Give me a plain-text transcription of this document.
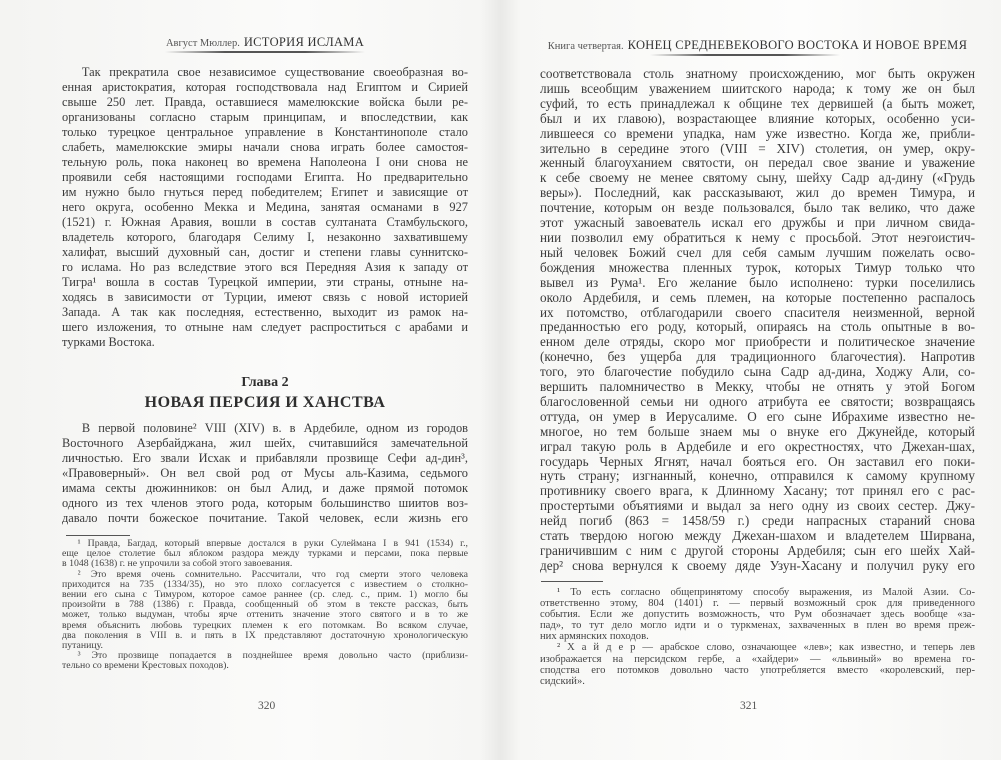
Август Мюллер. ИСТОРИЯ ИСЛАМА
Так прекратила свое независимое существование своеобразная во-
енная аристократия, которая господствовала над Египтом и Сирией
свыше 250 лет. Правда, оставшиеся мамелюкские войска были ре-
организованы согласно старым принципам, и впоследствии, как
только турецкое центральное управление в Константинополе стало
слабеть, мамелюкские эмиры начали снова играть более самостоя-
тельную роль, пока наконец во времена Наполеона I они снова не
проявили себя настоящими господами Египта. Но предварительно
им нужно было гнуться перед победителем; Египет и зависящие от
него округа, особенно Мекка и Медина, занятая османами в 927
(1521) г. Южная Аравия, вошли в состав султаната Стамбульского,
владетель которого, благодаря Селиму I, незаконно захватившему
халифат, высший духовный сан, достиг и степени главы суннитско-
го ислама. Но раз вследствие этого вся Передняя Азия к западу от
Тигра¹ вошла в состав Турецкой империи, эти страны, отныне на-
ходясь в зависимости от Турции, имеют связь с новой историей
Запада. А так как последняя, естественно, выходит из рамок на-
шего изложения, то отныне нам следует распроститься с арабами и
турками Востока.
Глава 2
НОВАЯ ПЕРСИЯ И ХАНСТВА
В первой половине² VIII (XIV) в. в Ардебиле, одном из городов
Восточного Азербайджана, жил шейх, считавшийся замечательной
личностью. Его звали Исхак и прибавляли прозвище Сефи ад-дин³,
«Правоверный». Он вел свой род от Мусы аль-Казима, седьмого
имама секты дюжинников: он был Алид, и даже прямой потомок
одного из тех членов этого рода, которым большинство шиитов воз-
давало почти божеское почитание. Такой человек, если жизнь его
¹ Правда, Багдад, который впервые достался в руки Сулеймана I в 941 (1534) г.,
еще целое столетие был яблоком раздора между турками и персами, пока первые
в 1048 (1638) г. не упрочили за собой этого завоевания.
² Это время очень сомнительно. Рассчитали, что год смерти этого человека
приходится на 735 (1334/35), но это плохо согласуется с известием о столкно-
вении его сына с Тимуром, которое самое раннее (ср. след. с., прим. 1) могло бы
произойти в 788 (1386) г. Правда, сообщенный об этом в тексте рассказ, быть
может, только выдуман, чтобы ярче оттенить значение этого святого и в то же
время объяснить любовь турецких племен к его потомкам. Во всяком случае,
два поколения в VIII в. и пять в IX представляют достаточную хронологическую
путаницу.
³ Это прозвище попадается в позднейшее время довольно часто (приблизи-
тельно со времени Крестовых походов).
320
Книга четвертая. КОНЕЦ СРЕДНЕВЕКОВОГО ВОСТОКА И НОВОЕ ВРЕМЯ
соответствовала столь знатному происхождению, мог быть окружен
лишь всеобщим уважением шиитского народа; к тому же он был
суфий, то есть принадлежал к общине тех дервишей (а быть может,
был и их главою), возрастающее влияние которых, особенно уси-
лившееся со времени упадка, нам уже известно. Когда же, прибли-
зительно в середине этого (VIII = XIV) столетия, он умер, окру-
женный благоуханием святости, он передал свое звание и уважение
к себе своему не менее святому сыну, шейху Садр ад-дину («Грудь
веры»). Последний, как рассказывают, жил до времен Тимура, и
почтение, которым он везде пользовался, было так велико, что даже
этот ужасный завоеватель искал его дружбы и при личном свида-
нии позволил ему обратиться к нему с просьбой. Этот неэгоистич-
ный человек Божий счел для себя самым лучшим пожелать осво-
бождения множества пленных турок, которых Тимур только что
вывел из Рума¹. Его желание было исполнено: турки поселились
около Ардебиля, и семь племен, на которые постепенно распалось
их потомство, отблагодарили своего спасителя неизменной, верной
преданностью его роду, который, опираясь на столь опытные в во-
енном деле отряды, скоро мог приобрести и политическое значение
(конечно, без ущерба для традиционного благочестия). Напротив
того, это благочестие побудило сына Садр ад-дина, Ходжу Али, со-
вершить паломничество в Мекку, чтобы не отнять у этой Богом
благословенной семьи ни одного атрибута ее святости; возвращаясь
оттуда, он умер в Иерусалиме. О его сыне Ибрахиме известно не-
многое, но тем больше знаем мы о внуке его Джунейде, который
играл такую роль в Ардебиле и его окрестностях, что Джехан-шах,
государь Черных Ягнят, начал бояться его. Он заставил его поки-
нуть страну; изгнанный, конечно, отправился к самому крупному
противнику своего врага, к Длинному Хасану; тот принял его с рас-
простертыми объятиями и выдал за него одну из своих сестер. Джу-
нейд погиб (863 = 1458/59 г.) среди напрасных стараний снова
стать твердою ногою между Джехан-шахом и владетелем Ширвана,
граничившим с ним с другой стороны Ардебиля; сын его шейх Хай-
дер² снова вернулся к своему дяде Узун-Хасану и получил руку его
¹ То есть согласно общепринятому способу выражения, из Малой Азии. Со-
ответственно этому, 804 (1401) г. — первый возможный срок для приведенного
события. Если же допустить возможность, что Рум обозначает здесь вообще «за-
пад», то тут дело могло идти и о туркменах, захваченных в плен во время преж-
них армянских походов.
² Х а й д е р — арабское слово, означающее «лев»; как известно, и теперь лев
изображается на персидском гербе, а «хайдери» — «львиный» во времена го-
сподства его потомков довольно часто употребляется вместо «королевский, пер-
сидский».
321
